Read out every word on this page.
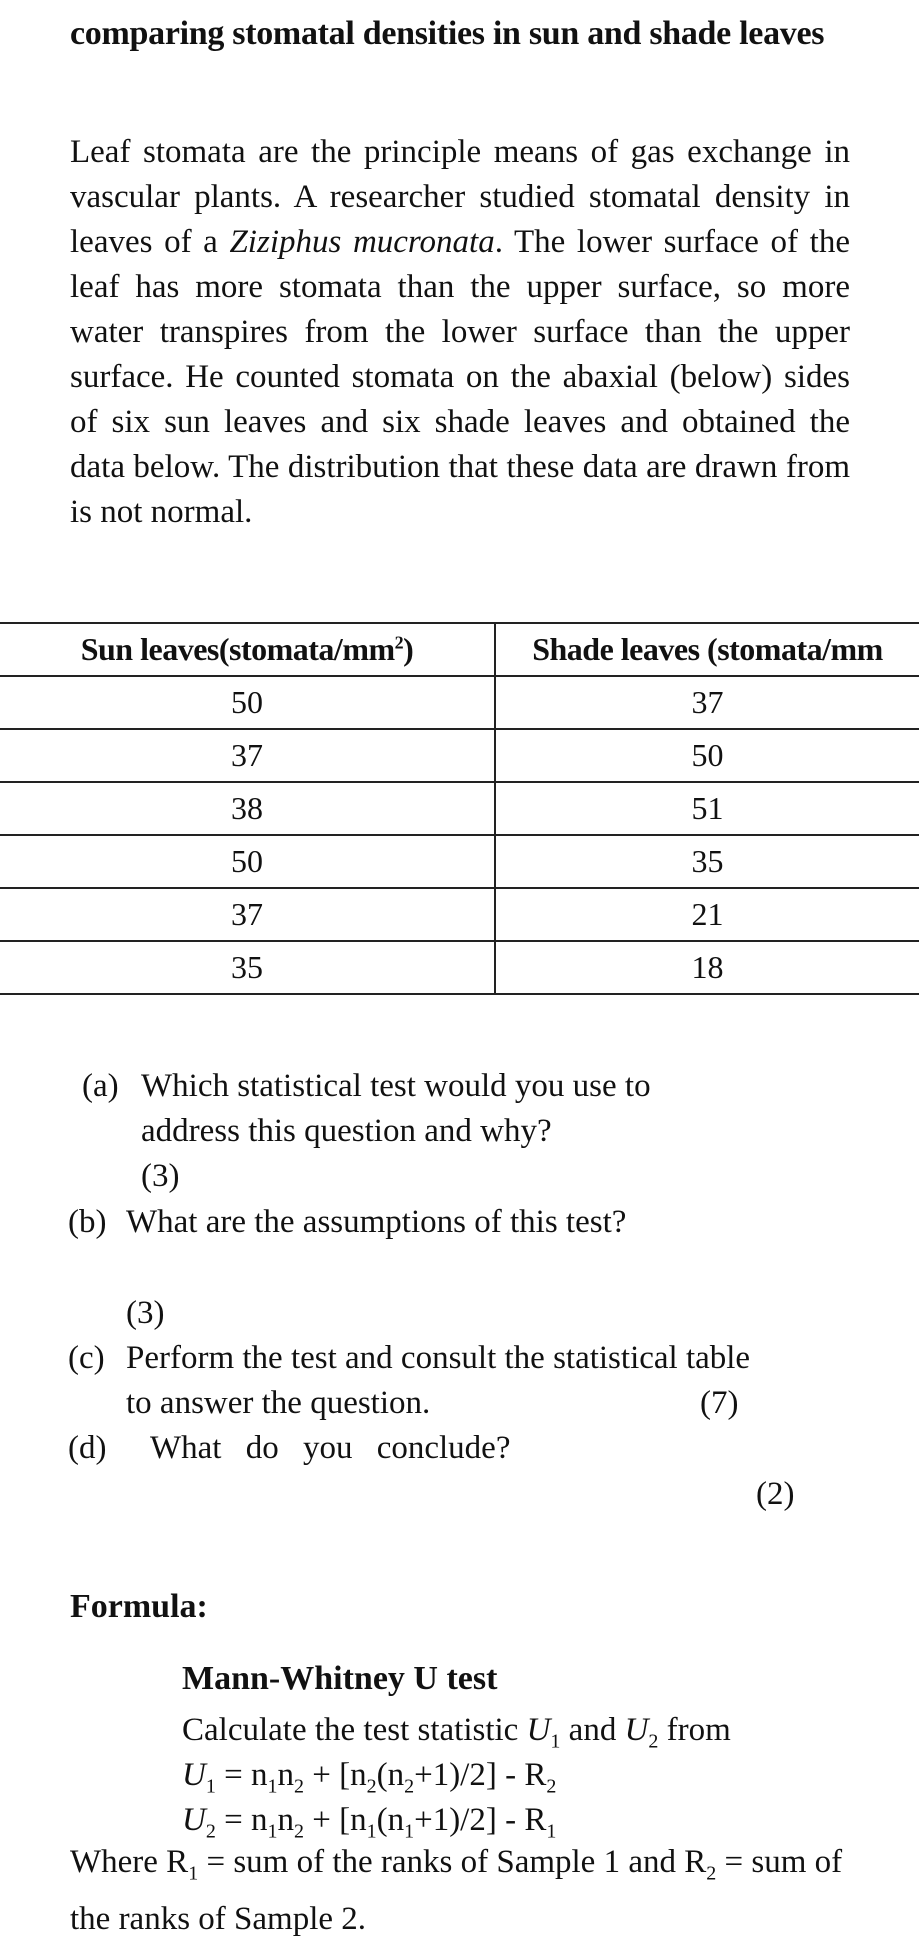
comparing stomatal densities in sun and shade leaves
Leaf stomata are the principle means of gas exchange in vascular plants. A researcher studied stomatal density in leaves of a Ziziphus mucronata. The lower surface of the leaf has more stomata than the upper surface, so more water transpires from the lower surface than the upper surface. He counted stomata on the abaxial (below) sides of six sun leaves and six shade leaves and obtained the data below. The distribution that these data are drawn from is not normal.
Sun $leaves(stomata/mm^2)$	Shade leaves (stomata/mm
50	37
37	50
38	51
50	35
37	21
35	18
(a) Which statistical test would you use to
address this question and why?
(3)
(b) What are the assumptions of this test?
(3)
(c) Perform the test and consult the statistical table
to answer the question.	(7)
(d) What do you conclude?
(2)
Formula:
Mann-Whitney U test
Calculate the test statistic $U_1$ and $U_2$ from
$U_1 = n_1n_2 + [n_2(n_2+1)/2] - R_2$
$U_2 = n_1n_2 + [n_1(n_1+1)/2] - R_1$
Where $R_1$ = sum of the ranks of Sample 1 and $R_2$ = sum of the ranks of Sample 2.
